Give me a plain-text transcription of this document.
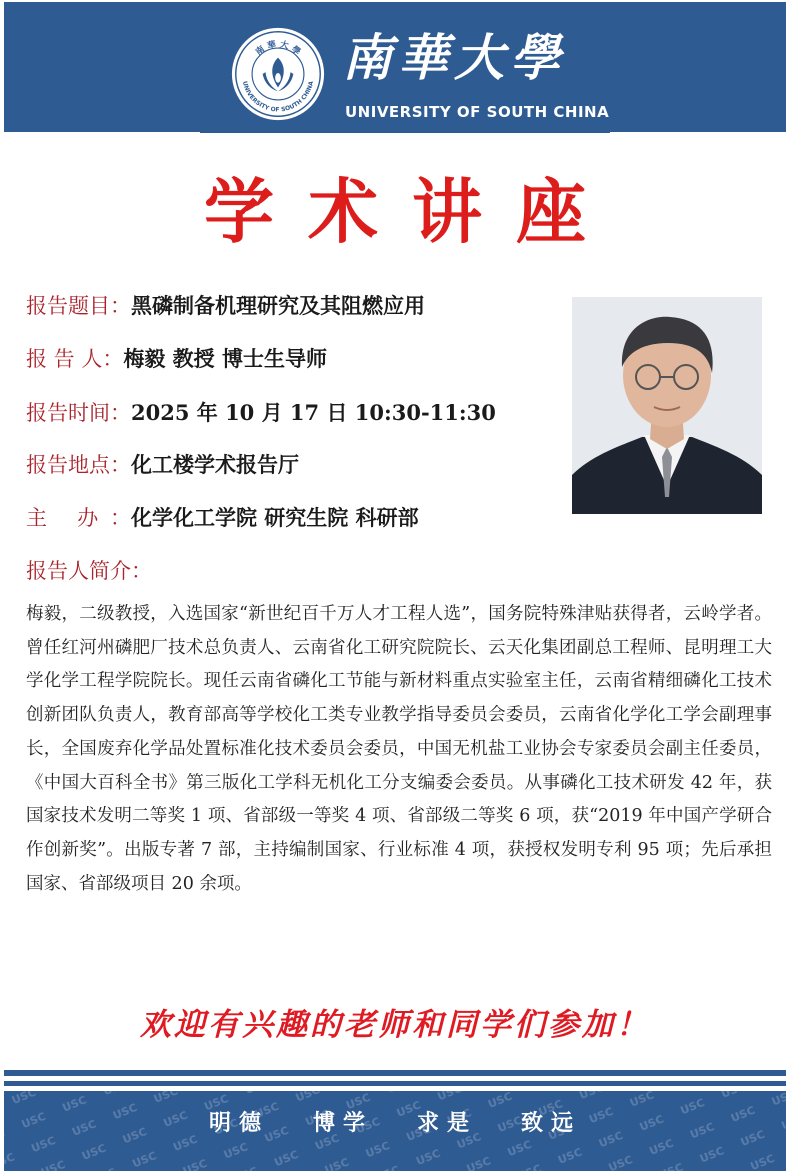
南 華 大 學
UNIVERSITY OF SOUTH CHINA 南華大學
UNIVERSITY OF SOUTH CHINA
学术讲座
报告题目：黑磷制备机理研究及其阻燃应用
报 告 人：梅毅 教授 博士生导师
报告时间：2025 年 10 月 17 日 10:30-11:30
报告地点：化工楼学术报告厅
主 办：化学化工学院 研究生院 科研部
报告人简介：

梅毅，二级教授，入选国家“新世纪百千万人才工程人选”，国务院特殊津贴获得者，云岭学者。曾任红河州磷肥厂技术总负责人、云南省化工研究院院长、云天化集团副总工程师、昆明理工大学化学工程学院院长。现任云南省磷化工节能与新材料重点实验室主任，云南省精细磷化工技术创新团队负责人，教育部高等学校化工类专业教学指导委员会委员，云南省化学化工学会副理事长，全国废弃化学品处置标准化技术委员会委员，中国无机盐工业协会专家委员会副主任委员，《中国大百科全书》第三版化工学科无机化工分支编委会委员。从事磷化工技术研发 42 年，获国家技术发明二等奖 1 项、省部级一等奖 4 项、省部级二等奖 6 项，获“2019 年中国产学研合作创新奖”。出版专著 7 部，主持编制国家、行业标准 4 项，获授权发明专利 95 项；先后承担国家、省部级项目 20 余项。

欢迎有兴趣的老师和同学们参加！
明德 博学 求是 致远
